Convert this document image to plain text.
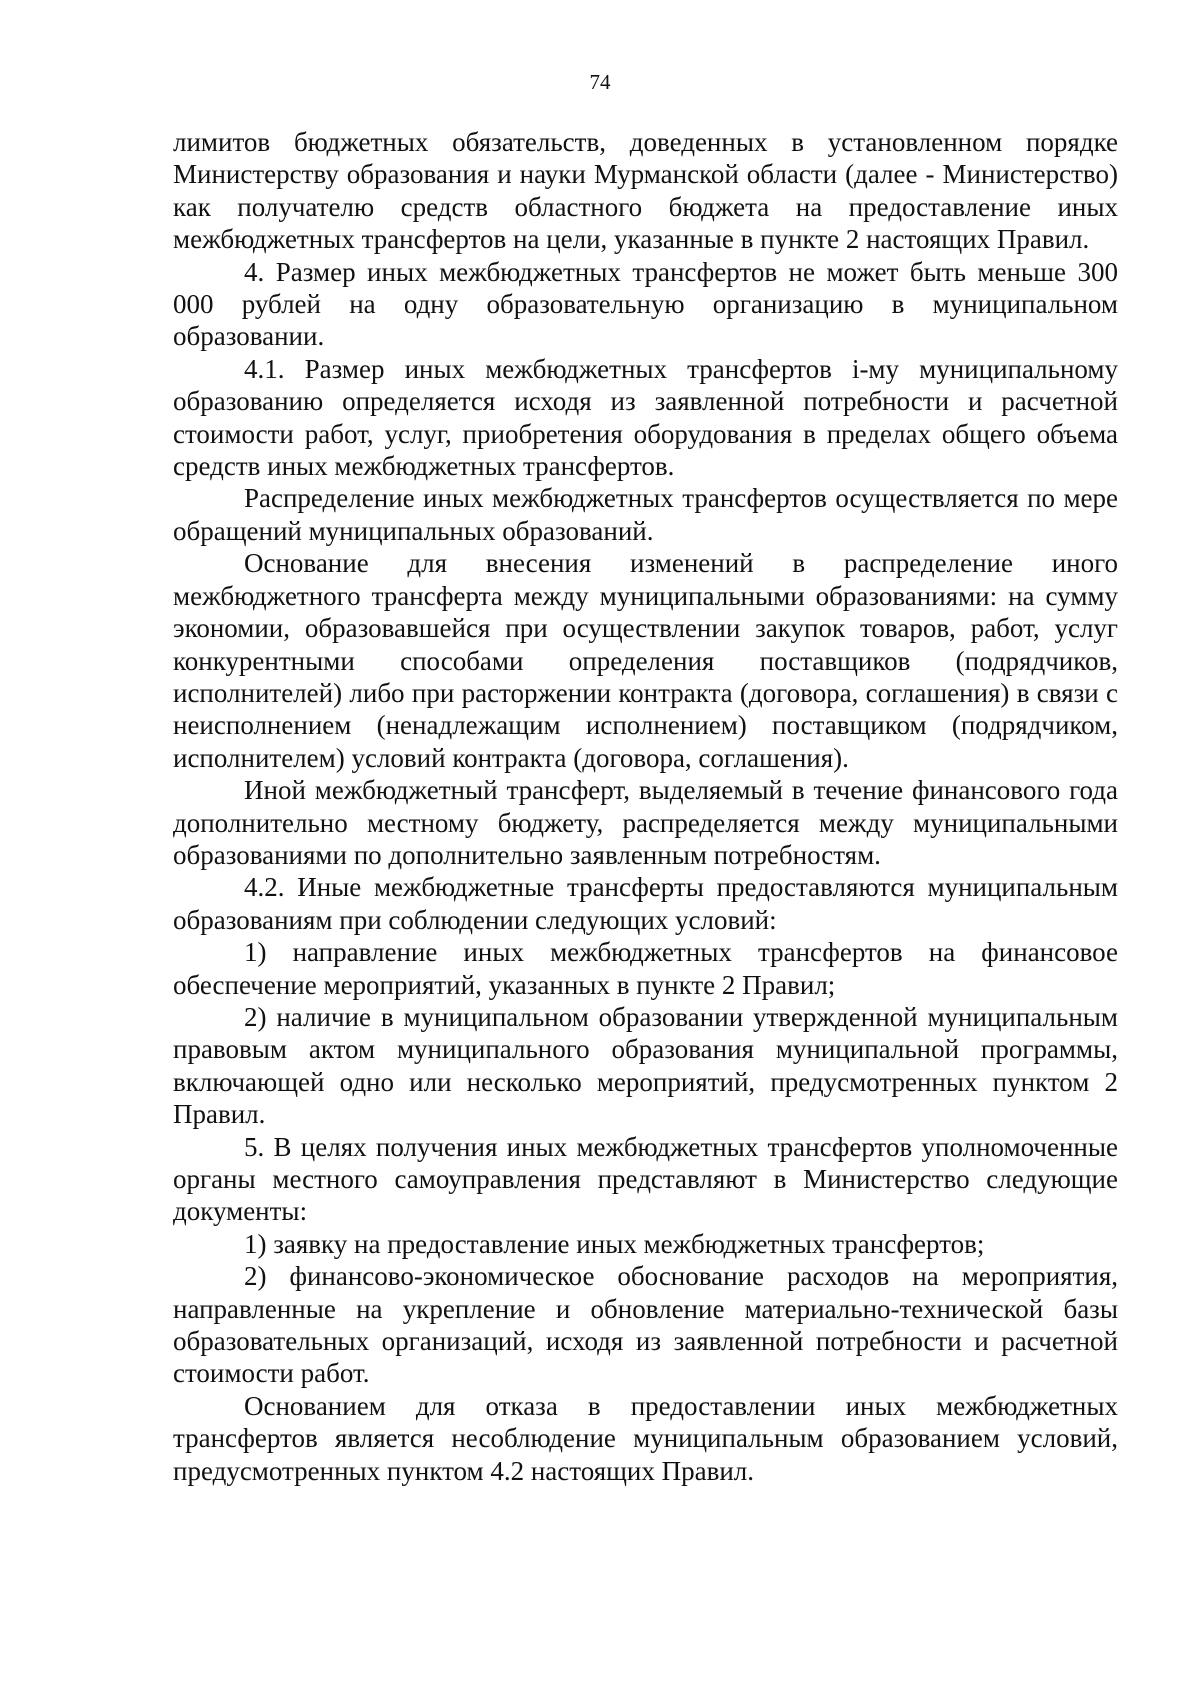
74

лимитов бюджетных обязательств, доведенных в установленном порядке Министерству образования и науки Мурманской области (далее - Министерство) как получателю средств областного бюджета на предоставление иных межбюджетных трансфертов на цели, указанные в пункте 2 настоящих Правил.

4. Размер иных межбюджетных трансфертов не может быть меньше 300 000 рублей на одну образовательную организацию в муниципальном образовании.

4.1. Размер иных межбюджетных трансфертов i-му муниципальному образованию определяется исходя из заявленной потребности и расчетной стоимости работ, услуг, приобретения оборудования в пределах общего объема средств иных межбюджетных трансфертов.

Распределение иных межбюджетных трансфертов осуществляется по мере обращений муниципальных образований.

Основание для внесения изменений в распределение иного межбюджетного трансферта между муниципальными образованиями: на сумму экономии, образовавшейся при осуществлении закупок товаров, работ, услуг конкурентными способами определения поставщиков (подрядчиков, исполнителей) либо при расторжении контракта (договора, соглашения) в связи с неисполнением (ненадлежащим исполнением) поставщиком (подрядчиком, исполнителем) условий контракта (договора, соглашения).

Иной межбюджетный трансферт, выделяемый в течение финансового года дополнительно местному бюджету, распределяется между муниципальными образованиями по дополнительно заявленным потребностям.

4.2. Иные межбюджетные трансферты предоставляются муниципальным образованиям при соблюдении следующих условий:

1) направление иных межбюджетных трансфертов на финансовое обеспечение мероприятий, указанных в пункте 2 Правил;

2) наличие в муниципальном образовании утвержденной муниципальным правовым актом муниципального образования муниципальной программы, включающей одно или несколько мероприятий, предусмотренных пунктом 2 Правил.

5. В целях получения иных межбюджетных трансфертов уполномоченные органы местного самоуправления представляют в Министерство следующие документы:

1) заявку на предоставление иных межбюджетных трансфертов;

2) финансово-экономическое обоснование расходов на мероприятия, направленные на укрепление и обновление материально-технической базы образовательных организаций, исходя из заявленной потребности и расчетной стоимости работ.

Основанием для отказа в предоставлении иных межбюджетных трансфертов является несоблюдение муниципальным образованием условий, предусмотренных пунктом 4.2 настоящих Правил.
